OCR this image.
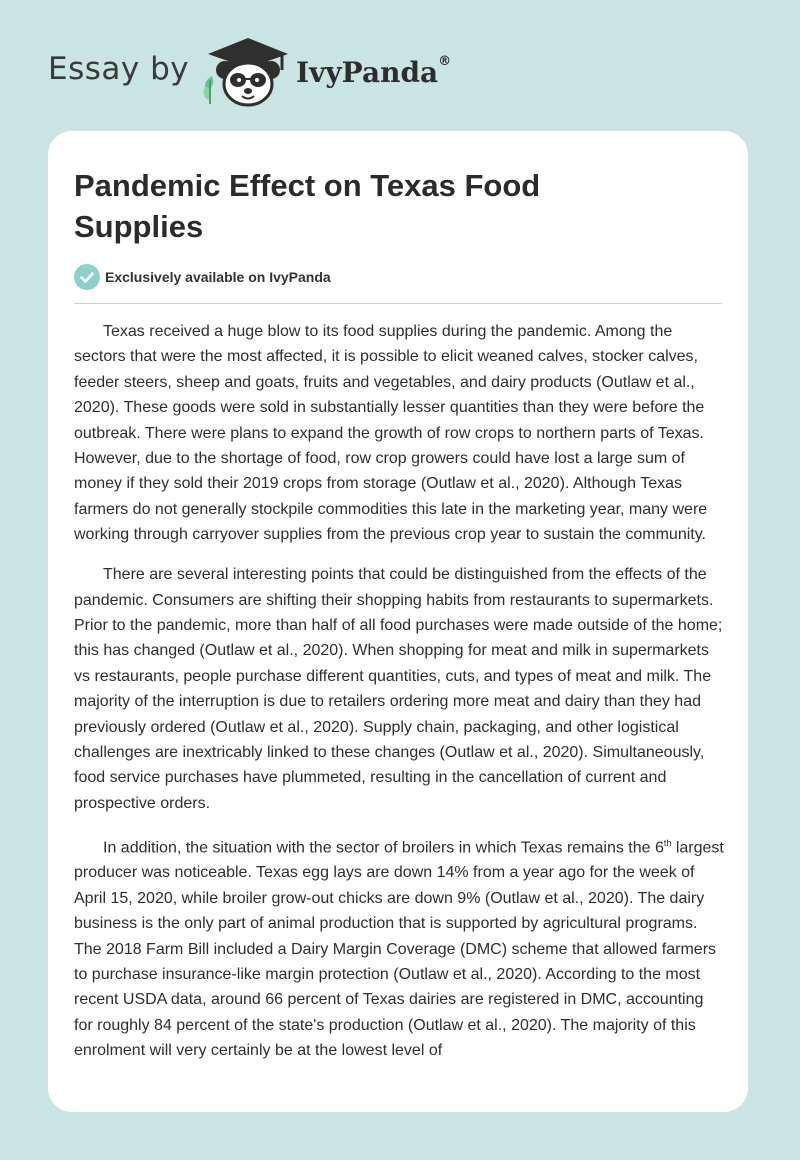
Essay by	IvyPanda®
Pandemic Effect on Texas Food Supplies
Exclusively available on IvyPanda

Texas received a huge blow to its food supplies during the pandemic. Among the sectors that were the most affected, it is possible to elicit weaned calves, stocker calves, feeder steers, sheep and goats, fruits and vegetables, and dairy products (Outlaw et al., 2020). These goods were sold in substantially lesser quantities than they were before the outbreak. There were plans to expand the growth of row crops to northern parts of Texas. However, due to the shortage of food, row crop growers could have lost a large sum of money if they sold their 2019 crops from storage (Outlaw et al., 2020). Although Texas farmers do not generally stockpile commodities this late in the marketing year, many were working through carryover supplies from the previous crop year to sustain the community.

There are several interesting points that could be distinguished from the effects of the pandemic. Consumers are shifting their shopping habits from restaurants to supermarkets. Prior to the pandemic, more than half of all food purchases were made outside of the home; this has changed (Outlaw et al., 2020). When shopping for meat and milk in supermarkets vs restaurants, people purchase different quantities, cuts, and types of meat and milk. The majority of the interruption is due to retailers ordering more meat and dairy than they had previously ordered (Outlaw et al., 2020). Supply chain, packaging, and other logistical challenges are inextricably linked to these changes (Outlaw et al., 2020). Simultaneously, food service purchases have plummeted, resulting in the cancellation of current and prospective orders.

In addition, the situation with the sector of broilers in which Texas remains the 6th largest producer was noticeable. Texas egg lays are down 14% from a year ago for the week of April 15, 2020, while broiler grow-out chicks are down 9% (Outlaw et al., 2020). The dairy business is the only part of animal production that is supported by agricultural programs. The 2018 Farm Bill included a Dairy Margin Coverage (DMC) scheme that allowed farmers to purchase insurance-like margin protection (Outlaw et al., 2020). According to the most recent USDA data, around 66 percent of Texas dairies are registered in DMC, accounting for roughly 84 percent of the state's production (Outlaw et al., 2020). The majority of this enrolment will very certainly be at the lowest level of
